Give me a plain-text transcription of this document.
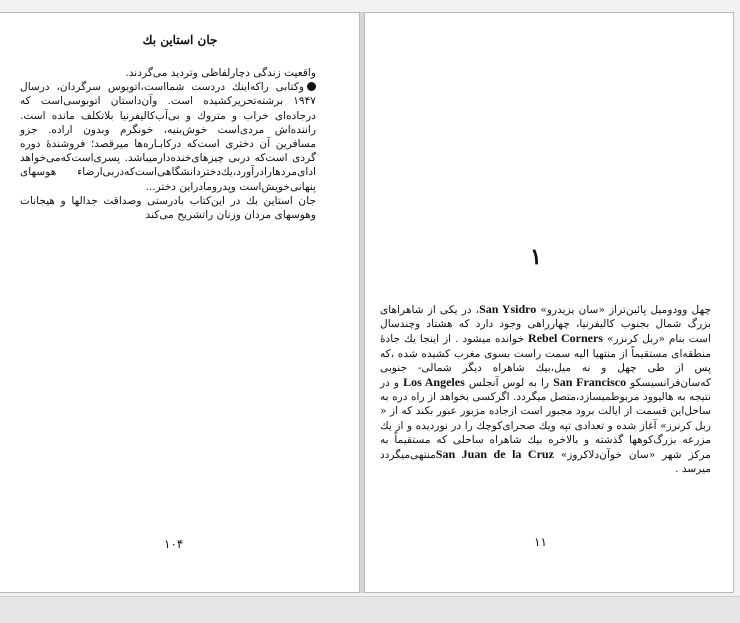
جان استاین بك

واقعیت زندگی دچارلفاظی وتردید می‌گردند.

وکتابی راکه‌اینك دردست شما‌است،اتوبوس سرگردان، درسال ۱۹۴۷ برشته‌تحریرکشیده است. وآن‌داستان اتوبوسی‌است که درجاده‌ای خراب و متروك و بی‌آب‌کالیفرنیا بلاتکلف مانده است. راننده‌اش مردی‌است خوش‌بنیه، خونگرم وبدون اراده. جزو مسافرین آن دختری است‌که درکابـاره‌ها میرقصد؛ فروشندۀ دوره گردی است‌که دربی چیزهای‌خنده‌دارمیباشد. پسری‌است‌که‌می‌خواهد ادای‌مردهارادرآورد،یك‌دختردانشگاهی‌است‌که‌دربی‌ارضاء هوسهای پنهانی‌خویش‌است وپدرومادراین دختر...

جان استاین بك در این‌کتاب بادرستی وصداقت جدالها و هیجانات وهوسهای مردان وزنان راتشریح می‌کند

۱۰۴
۱

چهل وودومیل پائین‌تراز «سان یزیدرو» San Ysidro، در یکی از شاهراهای بزرگ شمال بجنوب کالیفرنیا، چهارراهی وجود دارد که هشتاد وچندسال است بنام «ربل کرنزر» Rebel Corners خوانده میشود . از اینجا یك جادۀ منطقه‌ای مستقیماً از منتهیا الیه سمت راست بسوی مغرب کشیده شده ،که پس از طی چهل و نه میل،بیك شاهراه دیگر شمالی- جنوبی که‌سان‌فرانسیسکو San Francisco را به لوس آنجلس Los Angeles و در نتیجه به هالیوود مربوطمیسازد،متصل میگردد. اگرکسی بخواهد از راه دره به ساحل‌این قسمت از ایالت برود مجبور است ازجاده مزبور عبور بکند که از « ربل کرنرز» آغاز شده و تعدادی تپه ویك صحرای‌کوچك را در نوردیده و از یك مزرعه بزرگ‌کوهها گذشته و بالاخره بیك شاهراه ساحلی که مستقیماً به مرکز شهر «سان خوآن‌دلاکروز» San Juan de la Cruzمنتهی‌میگردد میرسد .

۱۱
